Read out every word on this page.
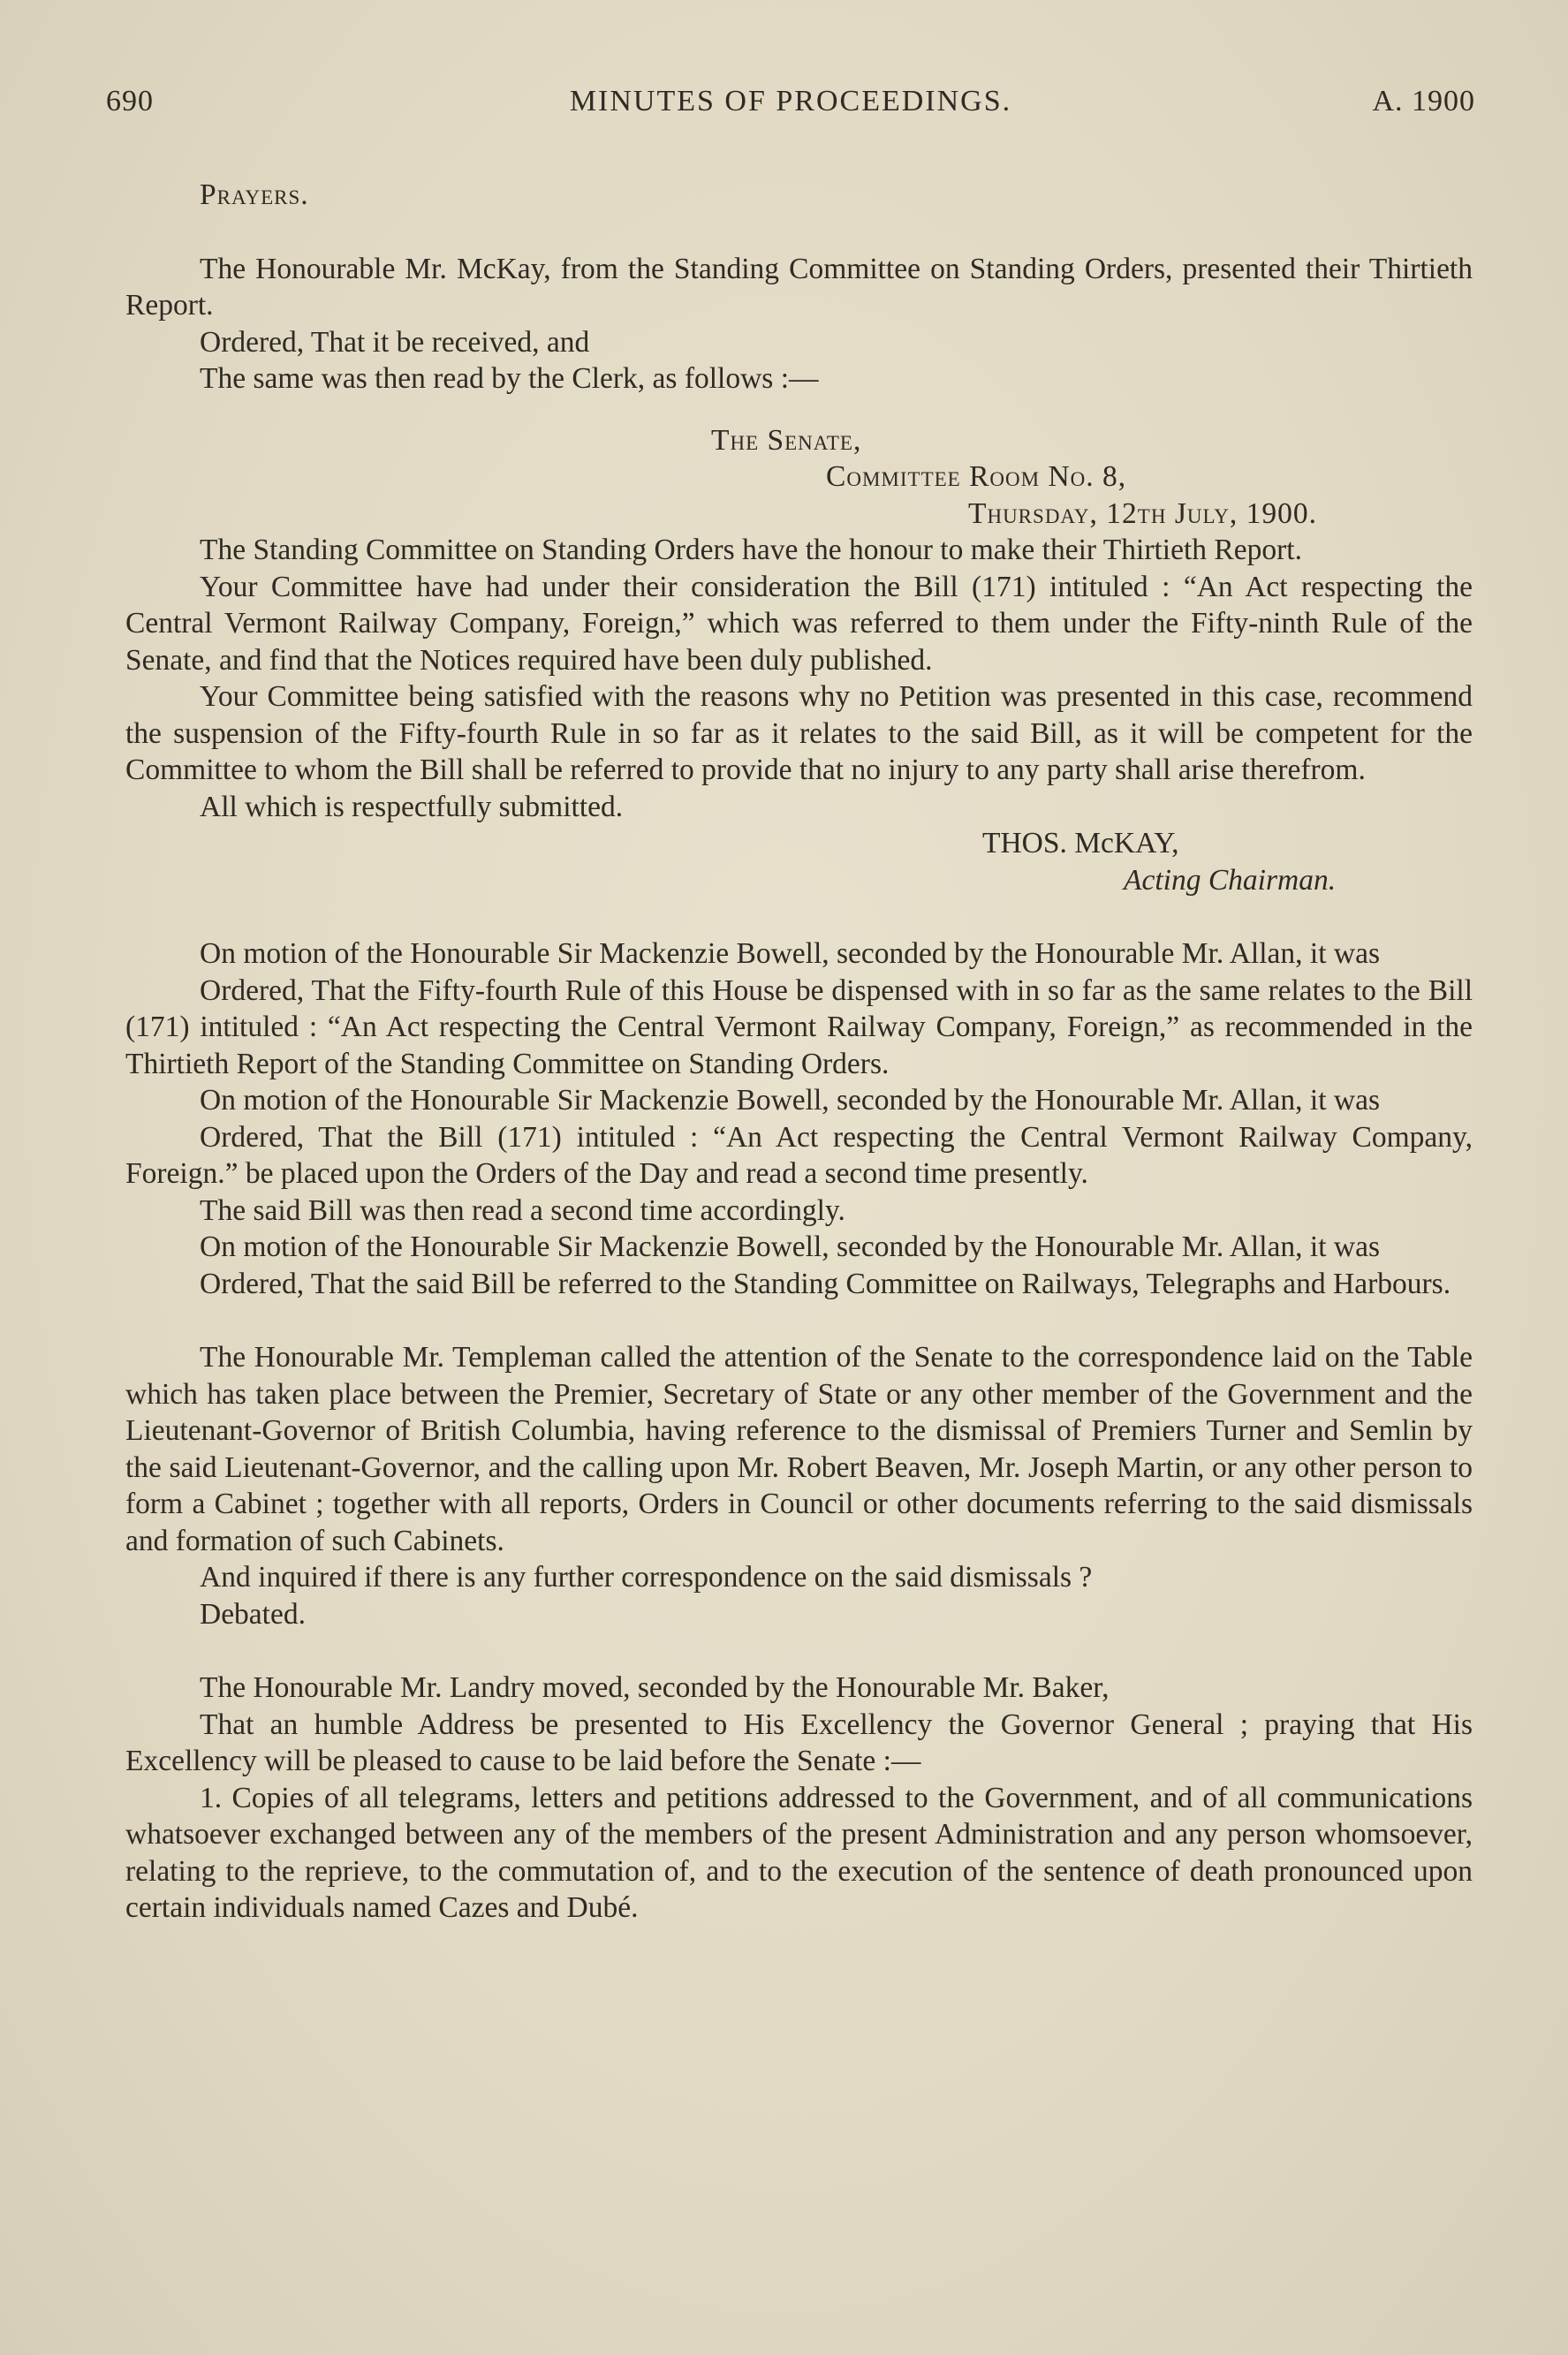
690	MINUTES OF PROCEEDINGS.	A. 1900

Prayers.

The Honourable Mr. McKay, from the Standing Committee on Standing Orders, presented their Thirtieth Report.

Ordered, That it be received, and

The same was then read by the Clerk, as follows :—

The Senate,

Committee Room No. 8,

Thursday, 12th July, 1900.

The Standing Committee on Standing Orders have the honour to make their Thirtieth Report.

Your Committee have had under their consideration the Bill (171) intituled : “An Act respecting the Central Vermont Railway Company, Foreign,” which was referred to them under the Fifty-ninth Rule of the Senate, and find that the Notices required have been duly published.

Your Committee being satisfied with the reasons why no Petition was presented in this case, recommend the suspension of the Fifty-fourth Rule in so far as it relates to the said Bill, as it will be competent for the Committee to whom the Bill shall be referred to provide that no injury to any party shall arise therefrom.

All which is respectfully submitted.

THOS. McKAY,

Acting Chairman.

On motion of the Honourable Sir Mackenzie Bowell, seconded by the Honourable Mr. Allan, it was

Ordered, That the Fifty-fourth Rule of this House be dispensed with in so far as the same relates to the Bill (171) intituled : “An Act respecting the Central Vermont Railway Company, Foreign,” as recommended in the Thirtieth Report of the Standing Committee on Standing Orders.

On motion of the Honourable Sir Mackenzie Bowell, seconded by the Honourable Mr. Allan, it was

Ordered, That the Bill (171) intituled : “An Act respecting the Central Vermont Railway Company, Foreign.” be placed upon the Orders of the Day and read a second time presently.

The said Bill was then read a second time accordingly.

On motion of the Honourable Sir Mackenzie Bowell, seconded by the Honourable Mr. Allan, it was

Ordered, That the said Bill be referred to the Standing Committee on Railways, Telegraphs and Harbours.

The Honourable Mr. Templeman called the attention of the Senate to the correspondence laid on the Table which has taken place between the Premier, Secretary of State or any other member of the Government and the Lieutenant-Governor of British Columbia, having reference to the dismissal of Premiers Turner and Semlin by the said Lieutenant-Governor, and the calling upon Mr. Robert Beaven, Mr. Joseph Martin, or any other person to form a Cabinet ; together with all reports, Orders in Council or other documents referring to the said dismissals and formation of such Cabinets.

And inquired if there is any further correspondence on the said dismissals ?

Debated.

The Honourable Mr. Landry moved, seconded by the Honourable Mr. Baker,

That an humble Address be presented to His Excellency the Governor General ; praying that His Excellency will be pleased to cause to be laid before the Senate :—

1. Copies of all telegrams, letters and petitions addressed to the Government, and of all communications whatsoever exchanged between any of the members of the present Administration and any person whomsoever, relating to the reprieve, to the commutation of, and to the execution of the sentence of death pronounced upon certain individuals named Cazes and Dubé.
